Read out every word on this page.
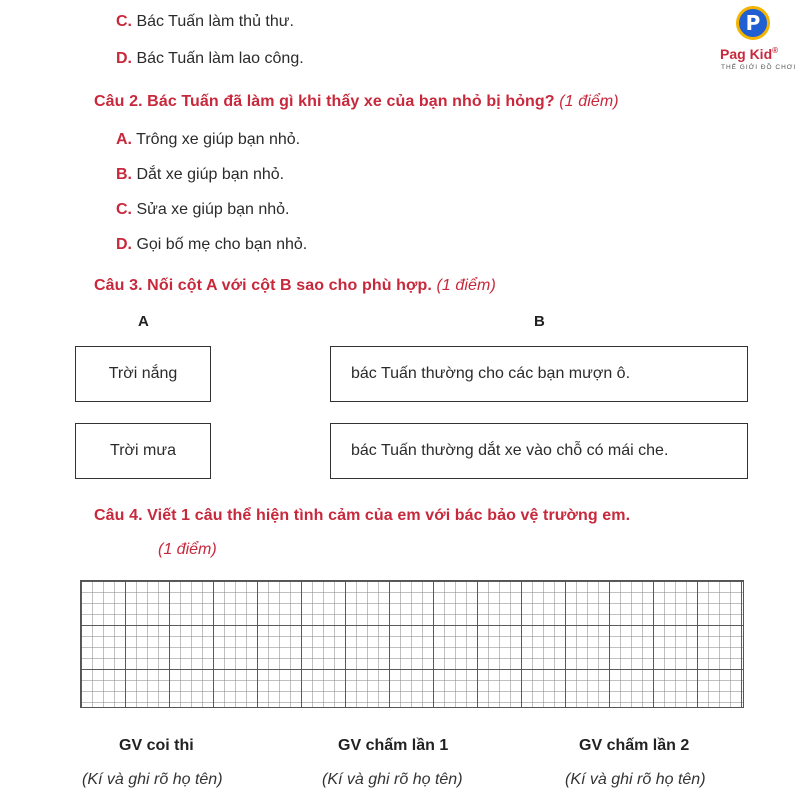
P
Pag Kid®
THẾ GIỚI ĐỒ CHƠI
C. Bác Tuấn làm thủ thư.
D. Bác Tuấn làm lao công.
Câu 2. Bác Tuấn đã làm gì khi thấy xe của bạn nhỏ bị hỏng? (1 điểm)
A. Trông xe giúp bạn nhỏ.
B. Dắt xe giúp bạn nhỏ.
C. Sửa xe giúp bạn nhỏ.
D. Gọi bố mẹ cho bạn nhỏ.
Câu 3. Nối cột A với cột B sao cho phù hợp. (1 điểm)
A	B
Trời nắng	bác Tuấn thường cho các bạn mượn ô.
Trời mưa	bác Tuấn thường dắt xe vào chỗ có mái che.
Câu 4. Viết 1 câu thể hiện tình cảm của em với bác bảo vệ trường em.
(1 điểm)
GV coi thi	GV chấm lần 1	GV chấm lần 2
(Kí và ghi rõ họ tên)	(Kí và ghi rõ họ tên)	(Kí và ghi rõ họ tên)
